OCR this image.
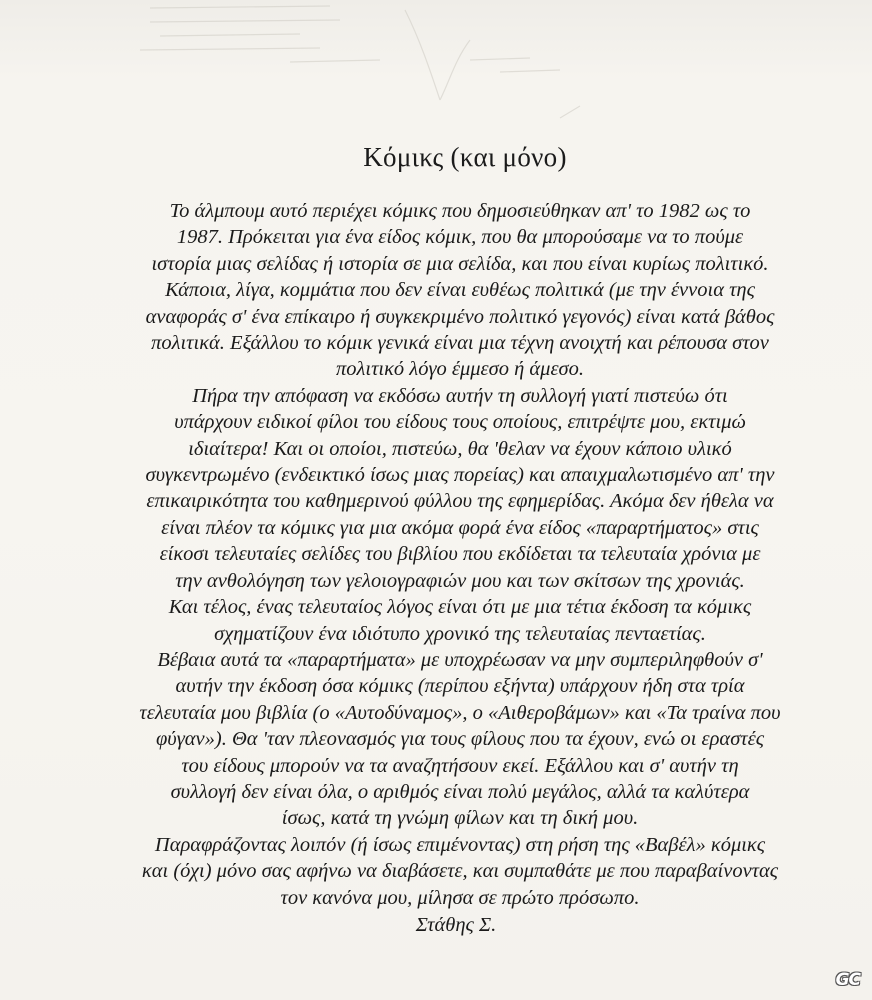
Κόμικς (και μόνο)
Το άλμπουμ αυτό περιέχει κόμικς που δημοσιεύθηκαν απ' το 1982 ως το
1987. Πρόκειται για ένα είδος κόμικ, που θα μπορούσαμε να το πούμε
ιστορία μιας σελίδας ή ιστορία σε μια σελίδα, και που είναι κυρίως πολιτικό.
Κάποια, λίγα, κομμάτια που δεν είναι ευθέως πολιτικά (με την έννοια της
αναφοράς σ' ένα επίκαιρο ή συγκεκριμένο πολιτικό γεγονός) είναι κατά βάθος
πολιτικά. Εξάλλου το κόμικ γενικά είναι μια τέχνη ανοιχτή και ρέπουσα στον
πολιτικό λόγο έμμεσο ή άμεσο.
Πήρα την απόφαση να εκδόσω αυτήν τη συλλογή γιατί πιστεύω ότι
υπάρχουν ειδικοί φίλοι του είδους τους οποίους, επιτρέψτε μου, εκτιμώ
ιδιαίτερα! Και οι οποίοι, πιστεύω, θα 'θελαν να έχουν κάποιο υλικό
συγκεντρωμένο (ενδεικτικό ίσως μιας πορείας) και απαιχμαλωτισμένο απ' την
επικαιρικότητα του καθημερινού φύλλου της εφημερίδας. Ακόμα δεν ήθελα να
είναι πλέον τα κόμικς για μια ακόμα φορά ένα είδος «παραρτήματος» στις
είκοσι τελευταίες σελίδες του βιβλίου που εκδίδεται τα τελευταία χρόνια με
την ανθολόγηση των γελοιογραφιών μου και των σκίτσων της χρονιάς.
Και τέλος, ένας τελευταίος λόγος είναι ότι με μια τέτια έκδοση τα κόμικς
σχηματίζουν ένα ιδιότυπο χρονικό της τελευταίας πενταετίας.
Βέβαια αυτά τα «παραρτήματα» με υποχρέωσαν να μην συμπεριληφθούν σ'
αυτήν την έκδοση όσα κόμικς (περίπου εξήντα) υπάρχουν ήδη στα τρία
τελευταία μου βιβλία (ο «Αυτοδύναμος», ο «Αιθεροβάμων» και «Τα τραίνα που
φύγαν»). Θα 'ταν πλεονασμός για τους φίλους που τα έχουν, ενώ οι εραστές
του είδους μπορούν να τα αναζητήσουν εκεί. Εξάλλου και σ' αυτήν τη
συλλογή δεν είναι όλα, ο αριθμός είναι πολύ μεγάλος, αλλά τα καλύτερα
ίσως, κατά τη γνώμη φίλων και τη δική μου.
Παραφράζοντας λοιπόν (ή ίσως επιμένοντας) στη ρήση της «Βαβέλ» κόμικς
και (όχι) μόνο σας αφήνω να διαβάσετε, και συμπαθάτε με που παραβαίνοντας
τον κανόνα μου, μίλησα σε πρώτο πρόσωπο.
Στάθης Σ.
GC
